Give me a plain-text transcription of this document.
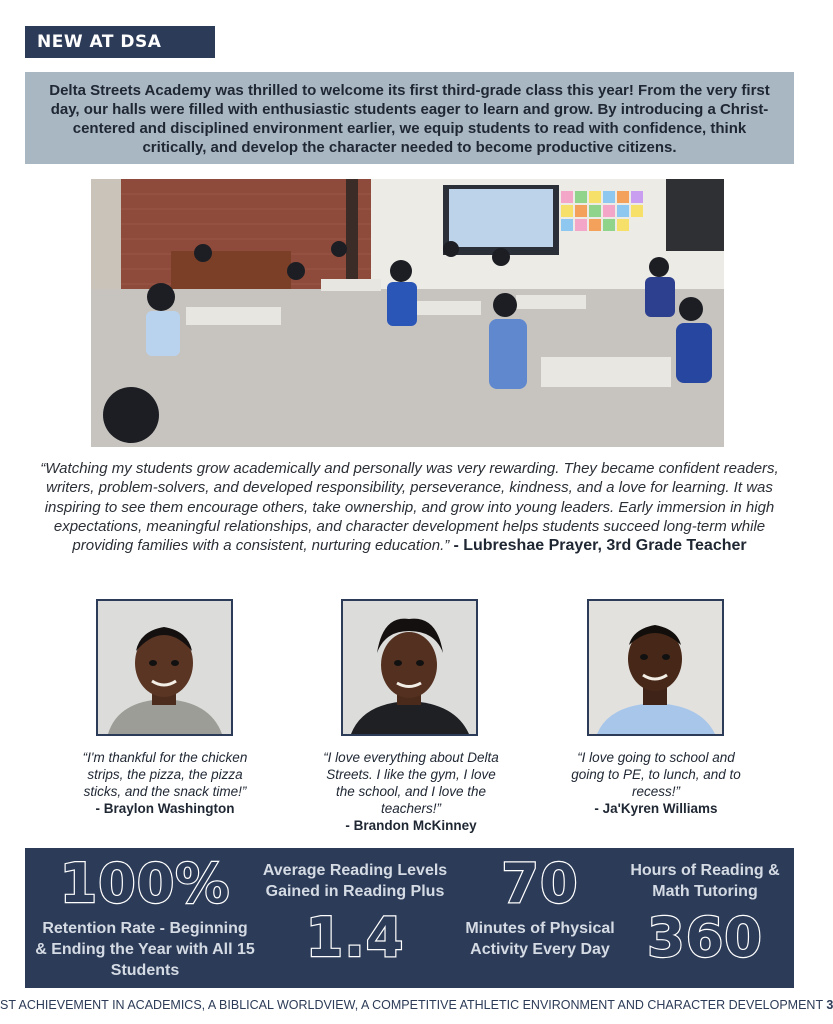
NEW AT DSA
Delta Streets Academy was thrilled to welcome its first third-grade class this year! From the very first day, our halls were filled with enthusiastic students eager to learn and grow. By introducing a Christ-centered and disciplined environment earlier, we equip students to read with confidence, think critically, and develop the character needed to become productive citizens.
“Watching my students grow academically and personally was very rewarding. They became confident readers, writers, problem-solvers, and developed responsibility, perseverance, kindness, and a love for learning. It was inspiring to see them encourage others, take ownership, and grow into young leaders. Early immersion in high expectations, meaningful relationships, and character development helps students succeed long-term while providing families with a consistent, nurturing education.” - Lubreshae Prayer, 3rd Grade Teacher
“I'm thankful for the chicken strips, the pizza, the pizza sticks, and the snack time!”
- Braylon Washington
“I love everything about Delta Streets. I like the gym, I love the school, and I love the teachers!”
- Brandon McKinney
“I love going to school and going to PE, to lunch, and to recess!”
- Ja'Kyren Williams
100%
Retention Rate - Beginning & Ending the Year with All 15 Students
Average Reading Levels Gained in Reading Plus
1.4
70
Minutes of Physical Activity Every Day
Hours of Reading & Math Tutoring
360
ST ACHIEVEMENT IN ACADEMICS, A BIBLICAL WORLDVIEW, A COMPETITIVE ATHLETIC ENVIRONMENT AND CHARACTER DEVELOPMENT 3
